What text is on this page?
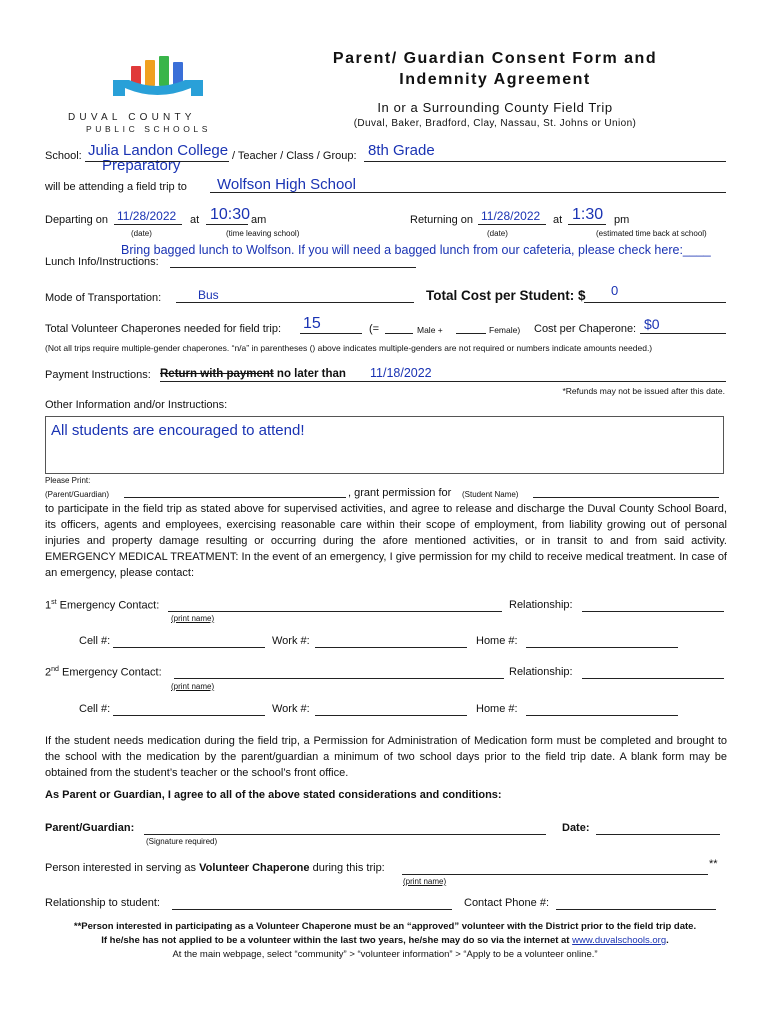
DUVAL COUNTY
PUBLIC SCHOOLS
Parent/ Guardian Consent Form and
Indemnity Agreement
In or a Surrounding County Field Trip
(Duval, Baker, Bradford, Clay, Nassau, St. Johns or Union)
School: Julia Landon College
Preparatory
/ Teacher / Class / Group: 8th Grade
will be attending a field trip to Wolfson High School
Departing on 11/28/2022 at 10:30 am
(date)	(time leaving school)
Returning on 11/28/2022 at 1:30 pm
(date)	(estimated time back at school)
Bring bagged lunch to Wolfson. If you will need a bagged lunch from our cafeteria, please check here:____
Lunch Info/Instructions:
Mode of Transportation:	Bus	Total Cost per Student: $ 0
Total Volunteer Chaperones needed for field trip: 15	(=	Male +	Female) Cost per Chaperone: $0
(Not all trips require multiple-gender chaperones. “n/a” in parentheses () above indicates multiple-genders are not required or numbers indicate amounts needed.)
Payment Instructions: Return with payment no later than 11/18/2022
*Refunds may not be issued after this date.
Other Information and/or Instructions:
All students are encouraged to attend!
Please Print:
(Parent/Guardian)	, grant permission for (Student Name)
to participate in the field trip as stated above for supervised activities, and agree to release and discharge the Duval County School Board, its officers, agents and employees, exercising reasonable care within their scope of employment, from liability growing out of personal injuries and property damage resulting or occurring during the afore mentioned activities, or in transit to and from said activity. EMERGENCY MEDICAL TREATMENT: In the event of an emergency, I give permission for my child to receive medical treatment. In case of an emergency, please contact:
1st Emergency Contact:	Relationship:
(print name)
Cell #:	Work #:	Home #:
2nd Emergency Contact:	Relationship:
(print name)
Cell #:	Work #:	Home #:
If the student needs medication during the field trip, a Permission for Administration of Medication form must be completed and brought to the school with the medication by the parent/guardian a minimum of two school days prior to the field trip date. A blank form may be obtained from the student’s teacher or the school’s front office.
As Parent or Guardian, I agree to all of the above stated considerations and conditions:
Parent/Guardian:
(Signature required)
Date:
Person interested in serving as Volunteer Chaperone during this trip:	**
(print name)
Relationship to student:	Contact Phone #:
**Person interested in participating as a Volunteer Chaperone must be an “approved” volunteer with the District prior to the field trip date.
If he/she has not applied to be a volunteer within the last two years, he/she may do so via the internet at www.duvalschools.org.
At the main webpage, select “community” > “volunteer information” > “Apply to be a volunteer online.”
